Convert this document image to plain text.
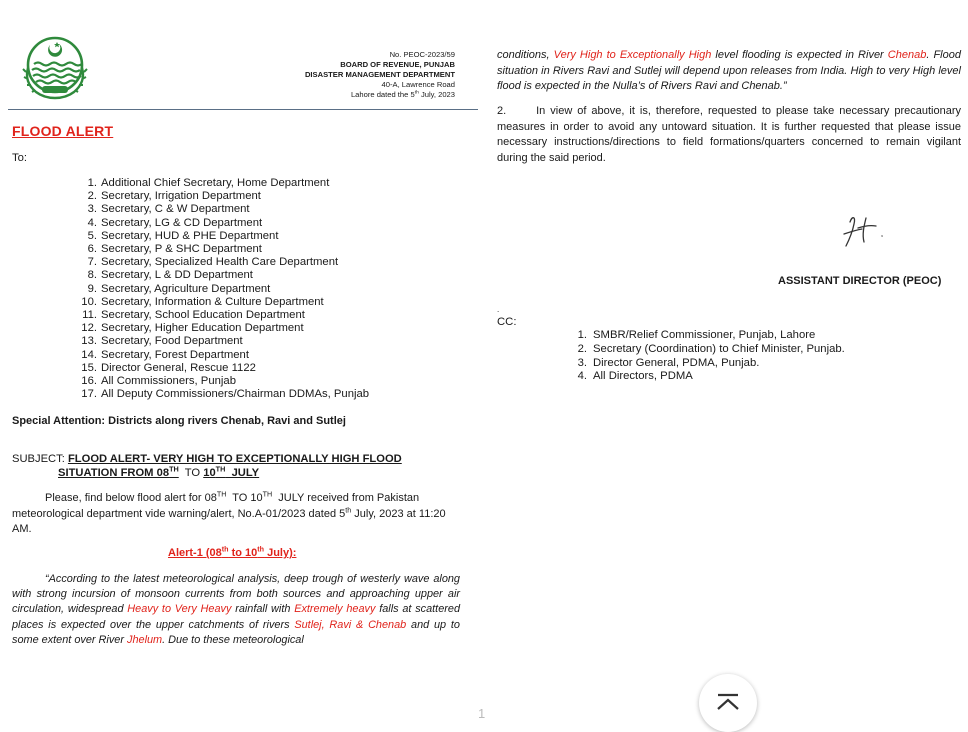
No. PEOC-2023/59
BOARD OF REVENUE, PUNJAB
DISASTER MANAGEMENT DEPARTMENT
40-A, Lawrence Road
Lahore dated the 5th July, 2023
FLOOD ALERT
To:
1. Additional Chief Secretary, Home Department
2. Secretary, Irrigation Department
3. Secretary, C & W Department
4. Secretary, LG & CD Department
5. Secretary, HUD & PHE Department
6. Secretary, P & SHC Department
7. Secretary, Specialized Health Care Department
8. Secretary, L & DD Department
9. Secretary, Agriculture Department
10. Secretary, Information & Culture Department
11. Secretary, School Education Department
12. Secretary, Higher Education Department
13. Secretary, Food Department
14. Secretary, Forest Department
15. Director General, Rescue 1122
16. All Commissioners, Punjab
17. All Deputy Commissioners/Chairman DDMAs, Punjab
Special Attention: Districts along rivers Chenab, Ravi and Sutlej
SUBJECT: FLOOD ALERT- VERY HIGH TO EXCEPTIONALLY HIGH FLOOD
SITUATION FROM 08TH  TO 10TH  JULY
Please, find below flood alert for 08TH  TO 10TH  JULY received from Pakistan meteorological department vide warning/alert, No.A-01/2023 dated 5th July, 2023 at 11:20 AM.
Alert-1 (08th to 10th July):
“According to the latest meteorological analysis, deep trough of westerly wave along with strong incursion of monsoon currents from both sources and approaching upper air circulation, widespread Heavy to Very Heavy rainfall with Extremely heavy falls at scattered places is expected over the upper catchments of rivers Sutlej, Ravi & Chenab and up to some extent over River Jhelum. Due to these meteorological
conditions, Very High to Exceptionally High level flooding is expected in River Chenab. Flood situation in Rivers Ravi and Sutlej will depend upon releases from India. High to very High level flood is expected in the Nulla’s of Rivers Ravi and Chenab.”
2.      In view of above, it is, therefore, requested to please take necessary precautionary measures in order to avoid any untoward situation. It is further requested that please issue necessary instructions/directions to field formations/quarters concerned to remain vigilant during the said period.
ASSISTANT DIRECTOR (PEOC)
.
CC:
1. SMBR/Relief Commissioner, Punjab, Lahore
2. Secretary (Coordination) to Chief Minister, Punjab.
3. Director General, PDMA, Punjab.
4. All Directors, PDMA
1
